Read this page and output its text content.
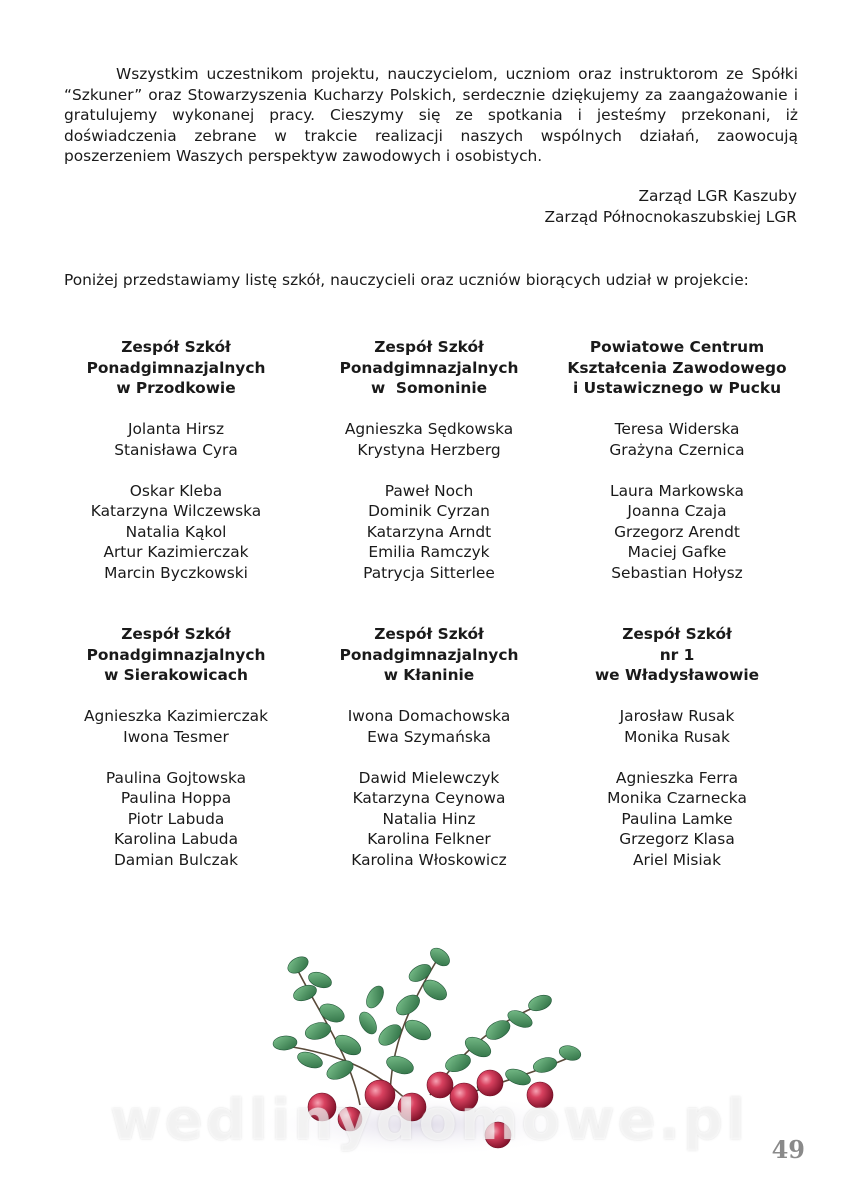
Wszystkim uczestnikom projektu, nauczycielom, uczniom oraz instruktorom ze Spółki “Szkuner” oraz Stowarzyszenia Kucharzy Polskich, serdecznie dziękujemy za zaangażowanie i gratulujemy wykonanej pracy. Cieszymy się ze spotkania i jesteśmy przekonani, iż doświadczenia zebrane w trakcie realizacji naszych wspólnych działań, zaowocują poszerzeniem Waszych perspektyw zawodowych i osobistych.

Zarząd LGR Kaszuby
Zarząd Północnokaszubskiej LGR
Poniżej przedstawiamy listę szkół, nauczycieli oraz uczniów biorących udział w projekcie:
Zespół Szkół
Ponadgimnazjalnych
w Przodkowie
Jolanta Hirsz
Stanisława Cyra
Oskar Kleba
Katarzyna Wilczewska
Natalia Kąkol
Artur Kazimierczak
Marcin Byczkowski
Zespół Szkół
Ponadgimnazjalnych
w  Somoninie
Agnieszka Sędkowska
Krystyna Herzberg
Paweł Noch
Dominik Cyrzan
Katarzyna Arndt
Emilia Ramczyk
Patrycja Sitterlee
Powiatowe Centrum
Kształcenia Zawodowego
i Ustawicznego w Pucku
Teresa Widerska
Grażyna Czernica
Laura Markowska
Joanna Czaja
Grzegorz Arendt
Maciej Gafke
Sebastian Hołysz
Zespół Szkół
Ponadgimnazjalnych
w Sierakowicach
Agnieszka Kazimierczak
Iwona Tesmer
Paulina Gojtowska
Paulina Hoppa
Piotr Labuda
Karolina Labuda
Damian Bulczak
Zespół Szkół
Ponadgimnazjalnych
w Kłaninie
Iwona Domachowska
Ewa Szymańska
Dawid Mielewczyk
Katarzyna Ceynowa
Natalia Hinz
Karolina Felkner
Karolina Włoskowicz
Zespół Szkół
nr 1
we Władysławowie
Jarosław Rusak
Monika Rusak
Agnieszka Ferra
Monika Czarnecka
Paulina Lamke
Grzegorz Klasa
Ariel Misiak
wedlinydomowe.pl 49
